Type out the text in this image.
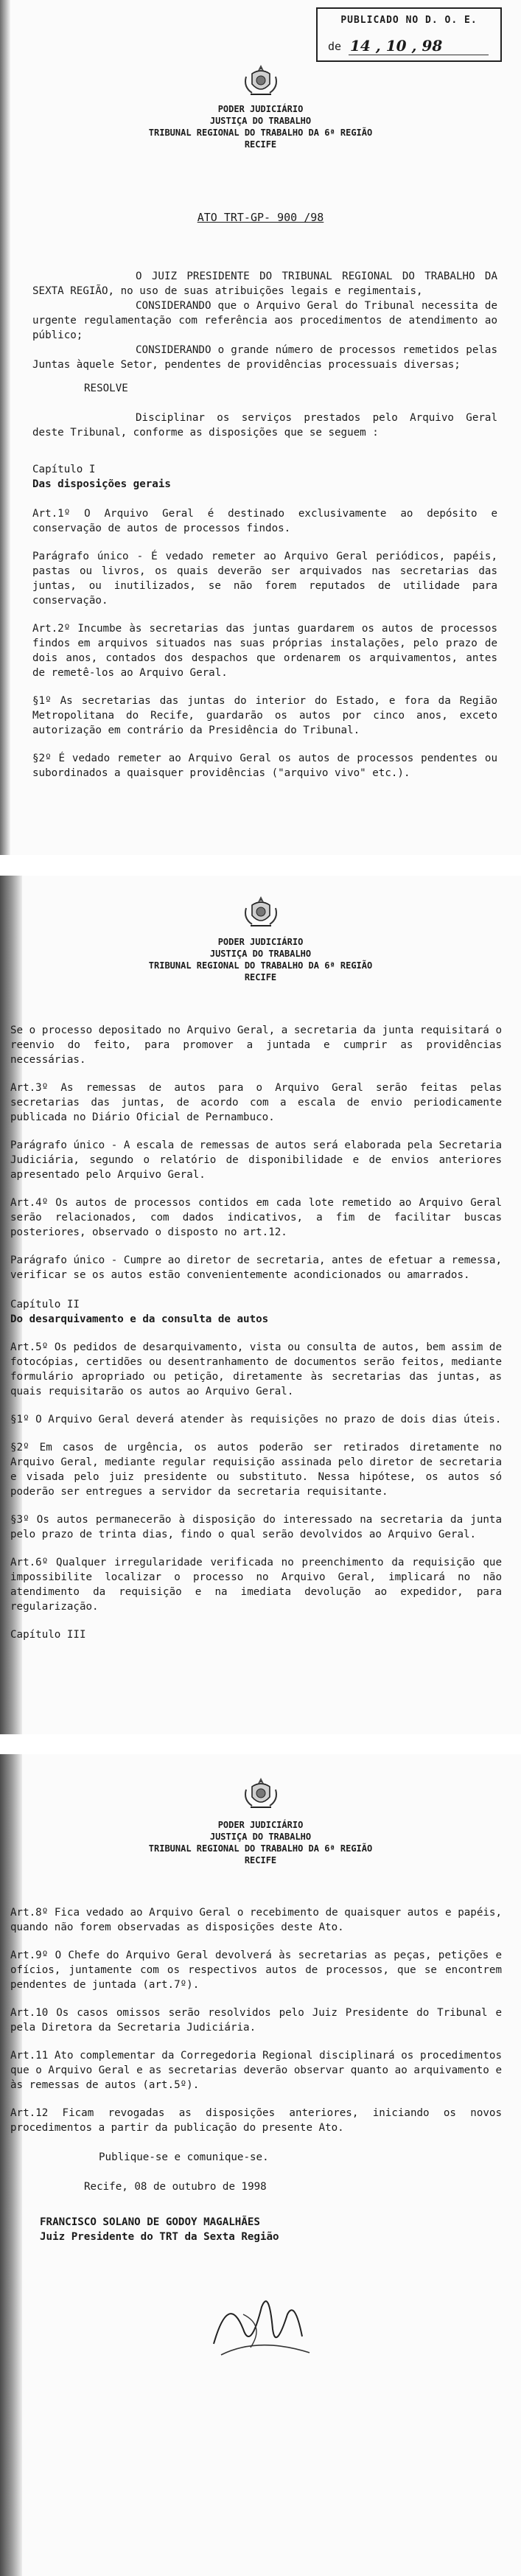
PUBLICADO NO D. O. E.
de 14 , 10 , 98
PODER JUDICIÁRIO
JUSTIÇA DO TRABALHO
TRIBUNAL REGIONAL DO TRABALHO DA 6ª REGIÃO
RECIFE
ATO TRT-GP- 900 /98

O JUIZ PRESIDENTE DO TRIBUNAL REGIONAL DO TRABALHO DA SEXTA REGIÃO, no uso de suas atribuições legais e regimentais,

CONSIDERANDO que o Arquivo Geral do Tribunal necessita de urgente regulamentação com referência aos procedimentos de atendimento ao público;

CONSIDERANDO o grande número de processos remetidos pelas Juntas àquele Setor, pendentes de providências processuais diversas;

RESOLVE

Disciplinar os serviços prestados pelo Arquivo Geral deste Tribunal, conforme as disposições que se seguem :

Capítulo I

Das disposições gerais

Art.1º O Arquivo Geral é destinado exclusivamente ao depósito e conservação de autos de processos findos.

Parágrafo único - É vedado remeter ao Arquivo Geral periódicos, papéis, pastas ou livros, os quais deverão ser arquivados nas secretarias das juntas, ou inutilizados, se não forem reputados de utilidade para conservação.

Art.2º Incumbe às secretarias das juntas guardarem os autos de processos findos em arquivos situados nas suas próprias instalações, pelo prazo de dois anos, contados dos despachos que ordenarem os arquivamentos, antes de remetê-los ao Arquivo Geral.

§1º As secretarias das juntas do interior do Estado, e fora da Região Metropolitana do Recife, guardarão os autos por cinco anos, exceto autorização em contrário da Presidência do Tribunal.

§2º É vedado remeter ao Arquivo Geral os autos de processos pendentes ou subordinados a quaisquer providências ("arquivo vivo" etc.).

PODER JUDICIÁRIO
JUSTIÇA DO TRABALHO
TRIBUNAL REGIONAL DO TRABALHO DA 6ª REGIÃO
RECIFE

Se o processo depositado no Arquivo Geral, a secretaria da junta requisitará o reenvio do feito, para promover a juntada e cumprir as providências necessárias.

Art.3º As remessas de autos para o Arquivo Geral serão feitas pelas secretarias das juntas, de acordo com a escala de envio periodicamente publicada no Diário Oficial de Pernambuco.

Parágrafo único - A escala de remessas de autos será elaborada pela Secretaria Judiciária, segundo o relatório de disponibilidade e de envios anteriores apresentado pelo Arquivo Geral.

Art.4º Os autos de processos contidos em cada lote remetido ao Arquivo Geral serão relacionados, com dados indicativos, a fim de facilitar buscas posteriores, observado o disposto no art.12.

Parágrafo único - Cumpre ao diretor de secretaria, antes de efetuar a remessa, verificar se os autos estão convenientemente acondicionados ou amarrados.

Capítulo II

Do desarquivamento e da consulta de autos

Art.5º Os pedidos de desarquivamento, vista ou consulta de autos, bem assim de fotocópias, certidões ou desentranhamento de documentos serão feitos, mediante formulário apropriado ou petição, diretamente às secretarias das juntas, as quais requisitarão os autos ao Arquivo Geral.

§1º O Arquivo Geral deverá atender às requisições no prazo de dois dias úteis.

§2º Em casos de urgência, os autos poderão ser retirados diretamente no Arquivo Geral, mediante regular requisição assinada pelo diretor de secretaria e visada pelo juiz presidente ou substituto. Nessa hipótese, os autos só poderão ser entregues a servidor da secretaria requisitante.

§3º Os autos permanecerão à disposição do interessado na secretaria da junta pelo prazo de trinta dias, findo o qual serão devolvidos ao Arquivo Geral.

Art.6º Qualquer irregularidade verificada no preenchimento da requisição que impossibilite localizar o processo no Arquivo Geral, implicará no não atendimento da requisição e na imediata devolução ao expedidor, para regularização.

Capítulo III

PODER JUDICIÁRIO
JUSTIÇA DO TRABALHO
TRIBUNAL REGIONAL DO TRABALHO DA 6ª REGIÃO
RECIFE

Art.8º Fica vedado ao Arquivo Geral o recebimento de quaisquer autos e papéis, quando não forem observadas as disposições deste Ato.

Art.9º O Chefe do Arquivo Geral devolverá às secretarias as peças, petições e ofícios, juntamente com os respectivos autos de processos, que se encontrem pendentes de juntada (art.7º).

Art.10 Os casos omissos serão resolvidos pelo Juiz Presidente do Tribunal e pela Diretora da Secretaria Judiciária.

Art.11 Ato complementar da Corregedoria Regional disciplinará os procedimentos que o Arquivo Geral e as secretarias deverão observar quanto ao arquivamento e às remessas de autos (art.5º).

Art.12 Ficam revogadas as disposições anteriores, iniciando os novos procedimentos a partir da publicação do presente Ato.

Publique-se e comunique-se.

Recife, 08 de outubro de 1998

FRANCISCO SOLANO DE GODOY MAGALHÃES

Juiz Presidente do TRT da Sexta Região
